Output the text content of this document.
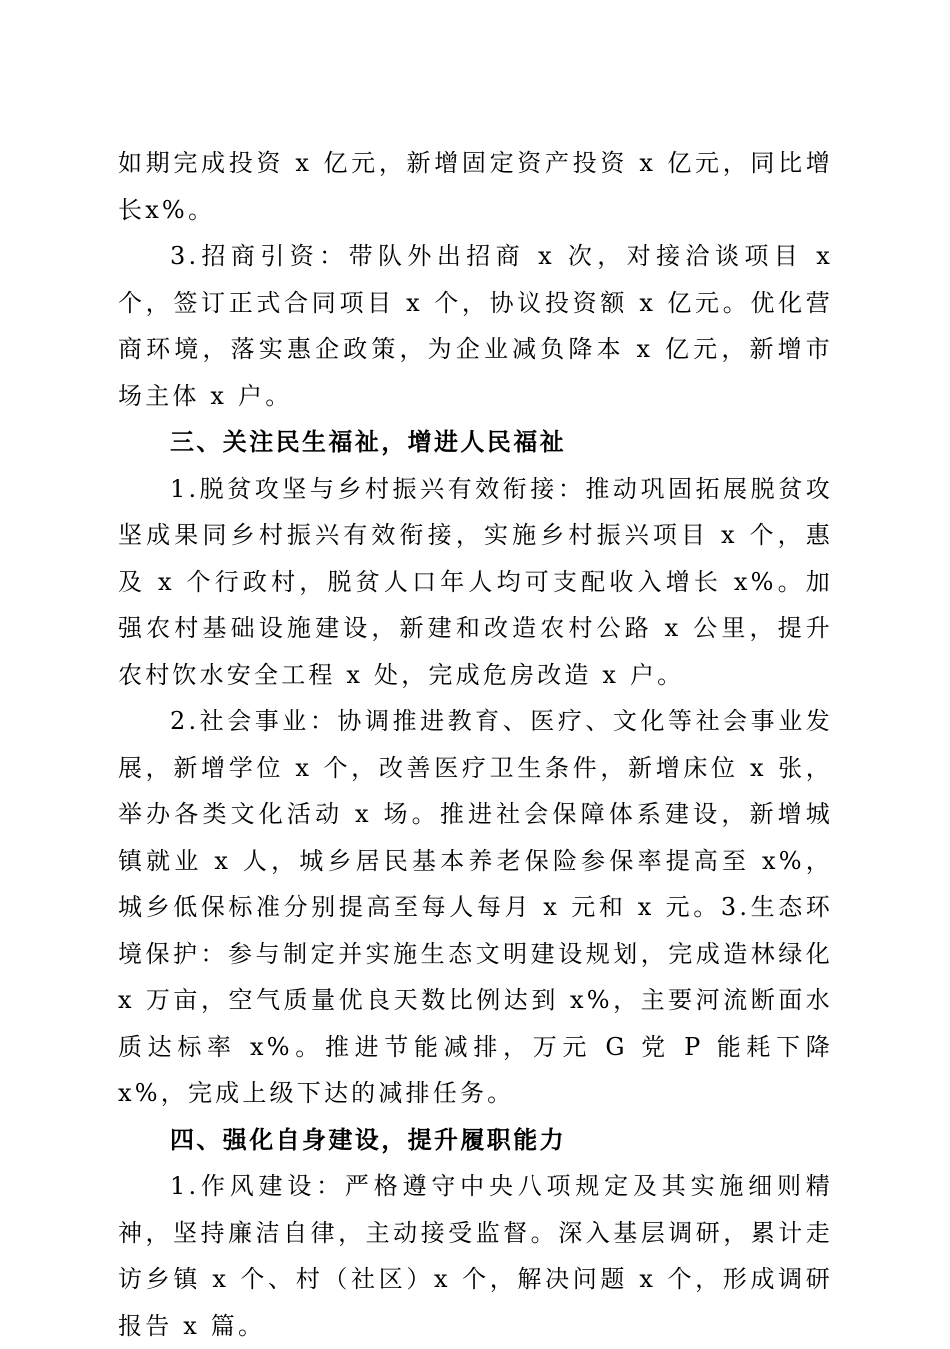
如期完成投资 x 亿元，新增固定资产投资 x 亿元，同比增长x%。

3.招商引资：带队外出招商 x 次，对接洽谈项目 x 个，签订正式合同项目 x 个，协议投资额 x 亿元。优化营商环境，落实惠企政策，为企业减负降本 x 亿元，新增市场主体 x 户。

三、关注民生福祉，增进人民福祉

1.脱贫攻坚与乡村振兴有效衔接：推动巩固拓展脱贫攻坚成果同乡村振兴有效衔接，实施乡村振兴项目 x 个，惠及 x 个行政村，脱贫人口年人均可支配收入增长 x%。加强农村基础设施建设，新建和改造农村公路 x 公里，提升农村饮水安全工程 x 处，完成危房改造 x 户。

2.社会事业：协调推进教育、医疗、文化等社会事业发展，新增学位 x 个，改善医疗卫生条件，新增床位 x 张，举办各类文化活动 x 场。推进社会保障体系建设，新增城镇就业 x 人，城乡居民基本养老保险参保率提高至 x%，城乡低保标准分别提高至每人每月 x 元和 x 元。3.生态环境保护：参与制定并实施生态文明建设规划，完成造林绿化 x 万亩，空气质量优良天数比例达到 x%，主要河流断面水质达标率 x%。推进节能减排，万元 G 党 P 能耗下降 x%，完成上级下达的减排任务。

四、强化自身建设，提升履职能力

1.作风建设：严格遵守中央八项规定及其实施细则精神，坚持廉洁自律，主动接受监督。深入基层调研，累计走访乡镇 x 个、村（社区）x 个，解决问题 x 个，形成调研报告 x 篇。
